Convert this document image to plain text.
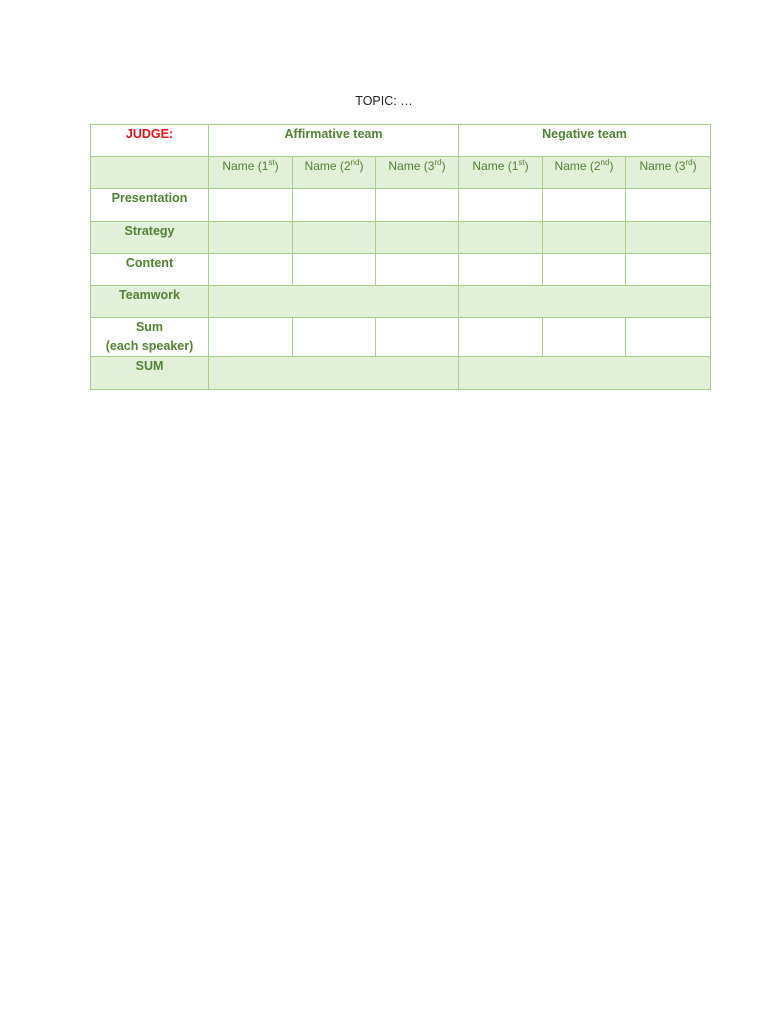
TOPIC: …
JUDGE:	Affirmative team			Negative team		
	Name (1st)	Name (2nd)	Name (3rd)	Name (1st)	Name (2nd)	Name (3rd)
Presentation						
Strategy						
Content						
Teamwork						

Sum
(each speaker)						

SUM						
